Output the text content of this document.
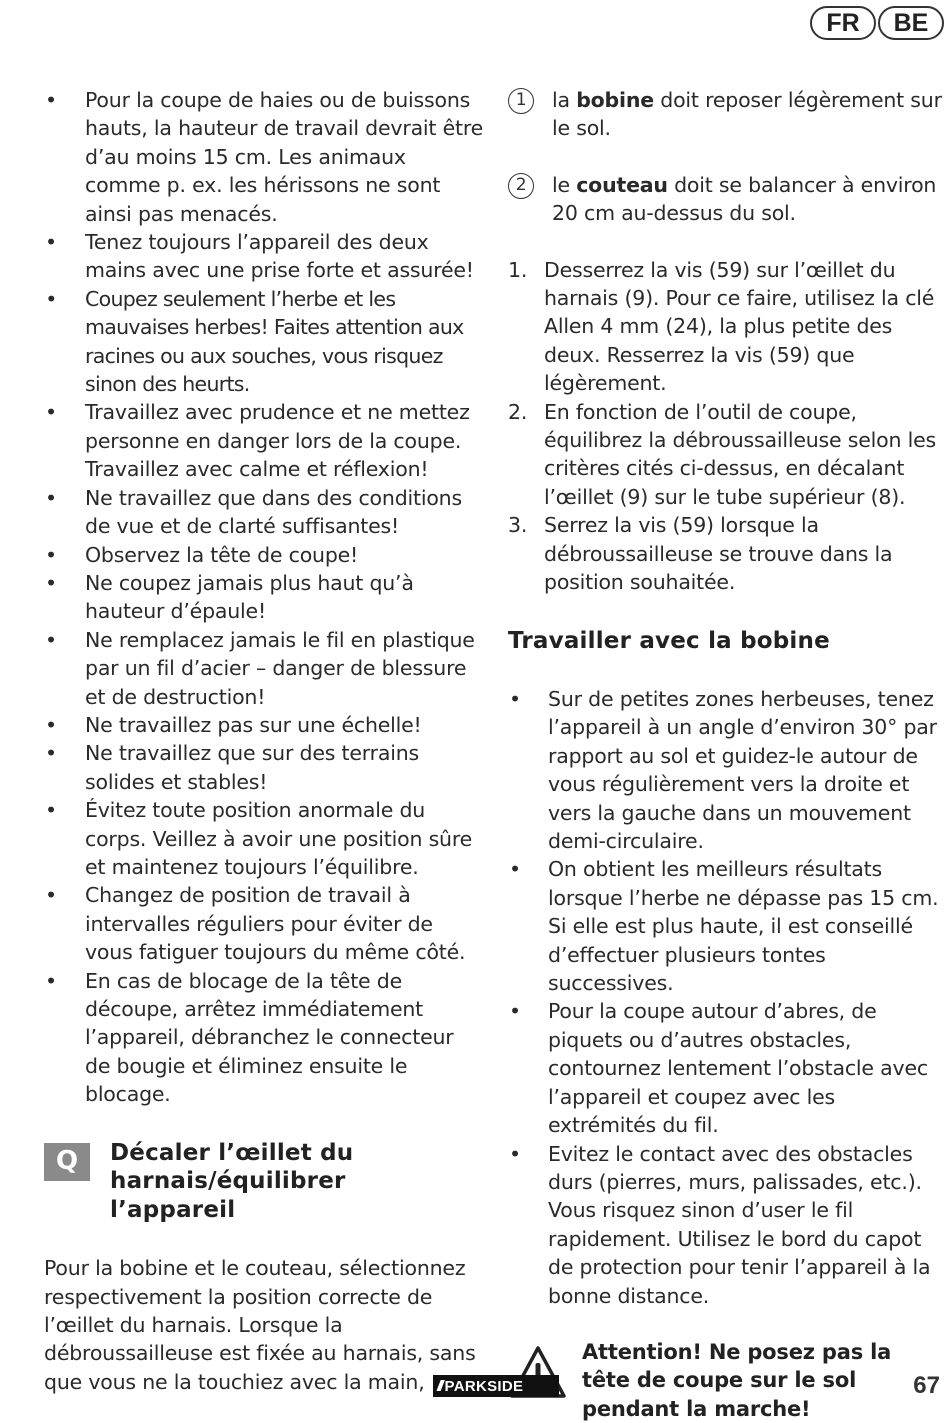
FR	BE
• Pour la coupe de haies ou de buissons hauts, la hauteur de travail devrait être d’au moins 15 cm. Les animaux comme p. ex. les hérissons ne sont ainsi pas menacés.
• Tenez toujours l’appareil des deux mains avec une prise forte et assurée!
• Coupez seulement l’herbe et les mauvaises herbes! Faites attention aux racines ou aux souches, vous risquez sinon des heurts.
• Travaillez avec prudence et ne mettez personne en danger lors de la coupe. Travaillez avec calme et réflexion!
• Ne travaillez que dans des conditions de vue et de clarté suffisantes!
• Observez la tête de coupe!
• Ne coupez jamais plus haut qu’à hauteur d’épaule!
• Ne remplacez jamais le fil en plastique par un fil d’acier – danger de blessure et de destruction!
• Ne travaillez pas sur une échelle!
• Ne travaillez que sur des terrains solides et stables!
• Évitez toute position anormale du corps. Veillez à avoir une position sûre et maintenez toujours l’équilibre.
• Changez de position de travail à intervalles réguliers pour éviter de vous fatiguer toujours du même côté.
• En cas de blocage de la tête de découpe, arrêtez immédiatement l’appareil, débranchez le connecteur de bougie et éliminez ensuite le blocage.
Q	Décaler l’œillet du
harnais/équilibrer
l’appareil

Pour la bobine et le couteau, sélectionnez respectivement la position correcte de l’œillet du harnais. Lorsque la débroussailleuse est fixée au harnais, sans que vous ne la touchiez avec la main,

1	la bobine doit reposer légèrement sur le sol.
2	le couteau doit se balancer à environ 20 cm au-dessus du sol.
1. Desserrez la vis (59) sur l’œillet du harnais (9). Pour ce faire, utilisez la clé Allen 4 mm (24), la plus petite des deux. Resserrez la vis (59) que légèrement.
2. En fonction de l’outil de coupe, équilibrez la débroussailleuse selon les critères cités ci-dessus, en décalant l’œillet (9) sur le tube supérieur (8).
3. Serrez la vis (59) lorsque la débroussailleuse se trouve dans la position souhaitée.
Travailler avec la bobine
• Sur de petites zones herbeuses, tenez l’appareil à un angle d’environ 30° par rapport au sol et guidez-le autour de vous régulièrement vers la droite et vers la gauche dans un mouvement demi-circulaire.
• On obtient les meilleurs résultats lorsque l’herbe ne dépasse pas 15 cm. Si elle est plus haute, il est conseillé d’effectuer plusieurs tontes successives.
• Pour la coupe autour d’abres, de piquets ou d’autres obstacles, contournez lentement l’obstacle avec l’appareil et coupez avec les extrémités du fil.
• Evitez le contact avec des obstacles durs (pierres, murs, palissades, etc.). Vous risquez sinon d’user le fil rapidement. Utilisez le bord du capot de protection pour tenir l’appareil à la bonne distance.
Attention! Ne posez pas la tête de coupe sur le sol pendant la marche!
/// PARKSIDE	67
